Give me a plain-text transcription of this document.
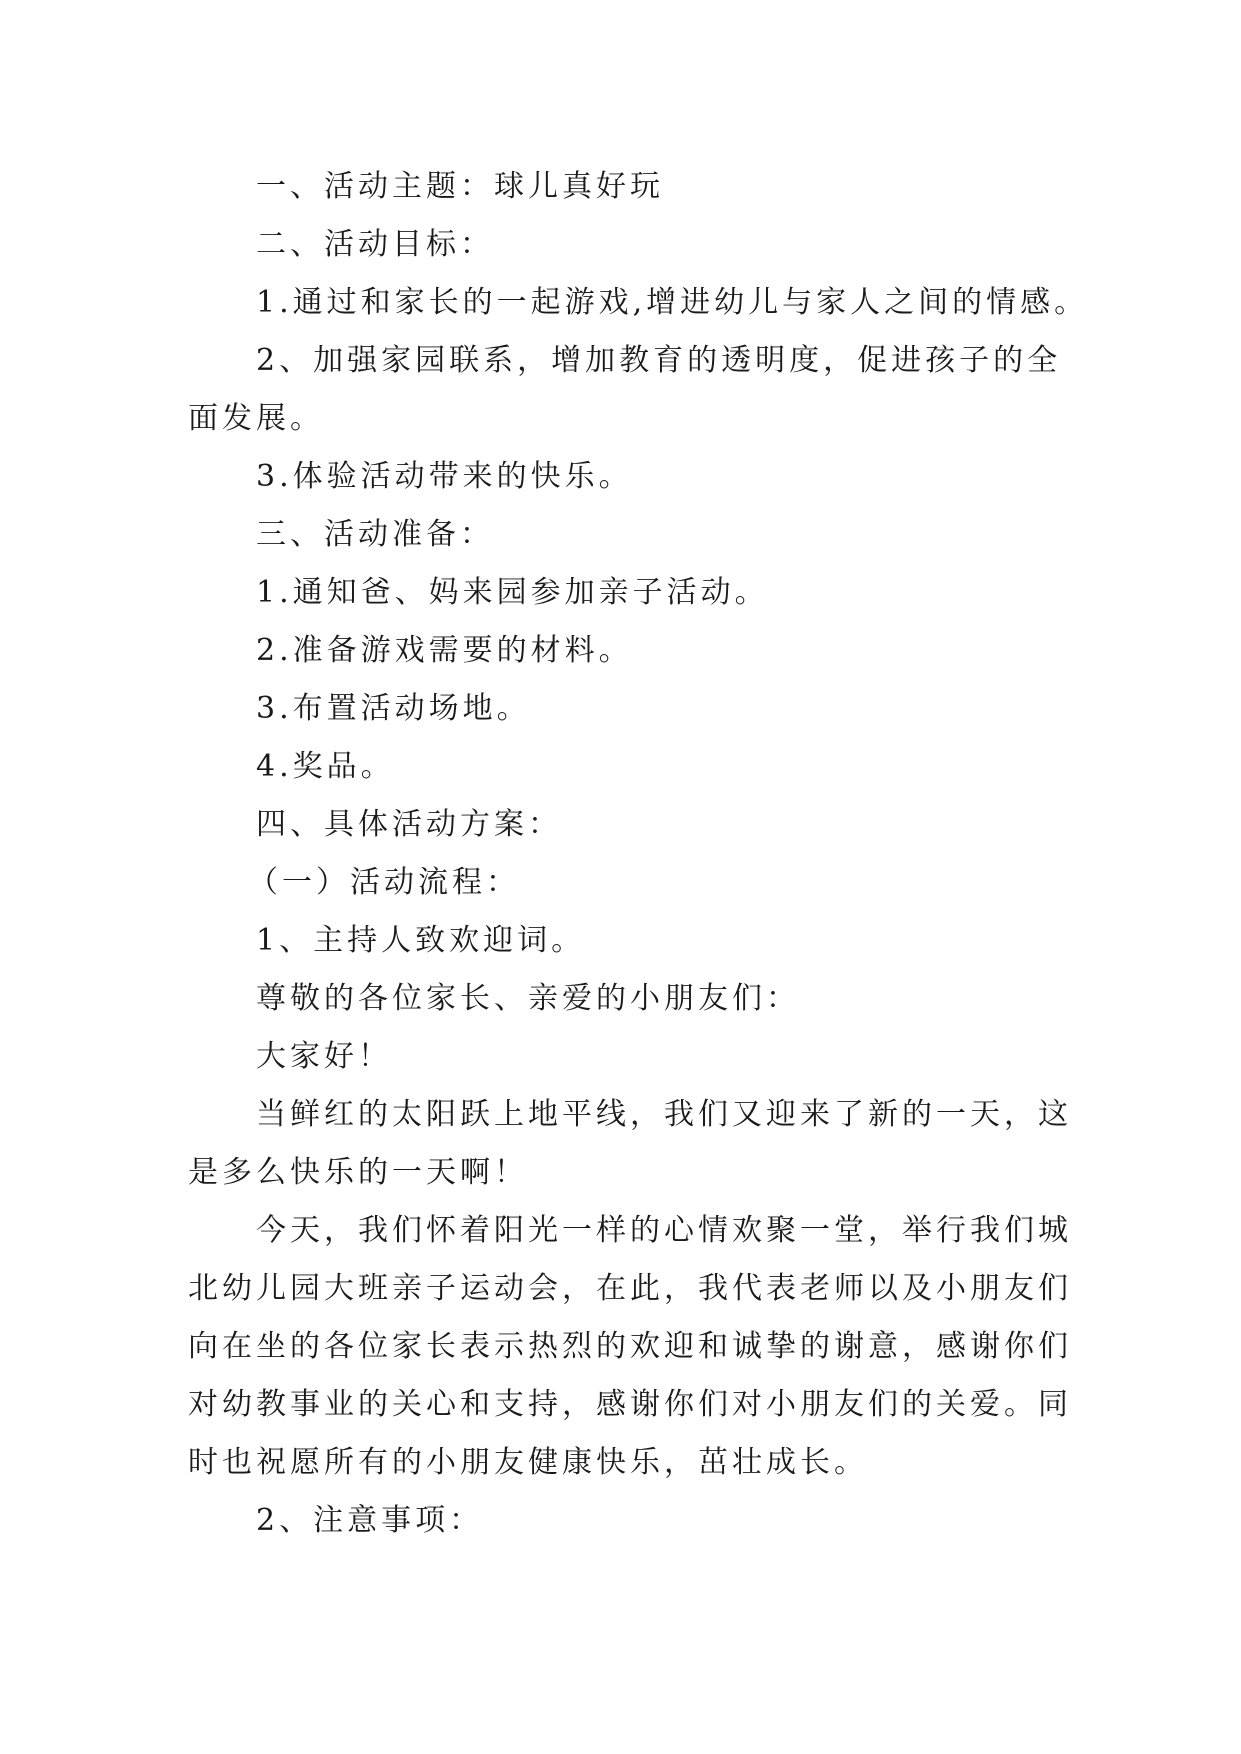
一、活动主题：球儿真好玩
二、活动目标：
1.通过和家长的一起游戏,增进幼儿与家人之间的情感。
2、加强家园联系，增加教育的透明度，促进孩子的全
面发展。
3.体验活动带来的快乐。
三、活动准备：
1.通知爸、妈来园参加亲子活动。
2.准备游戏需要的材料。
3.布置活动场地。
4.奖品。
四、具体活动方案：
（一）活动流程：
1、主持人致欢迎词。
尊敬的各位家长、亲爱的小朋友们：
大家好！
当鲜红的太阳跃上地平线，我们又迎来了新的一天，这
是多么快乐的一天啊！
今天，我们怀着阳光一样的心情欢聚一堂，举行我们城
北幼儿园大班亲子运动会，在此，我代表老师以及小朋友们
向在坐的各位家长表示热烈的欢迎和诚挚的谢意，感谢你们
对幼教事业的关心和支持，感谢你们对小朋友们的关爱。同
时也祝愿所有的小朋友健康快乐，茁壮成长。
2、注意事项：
